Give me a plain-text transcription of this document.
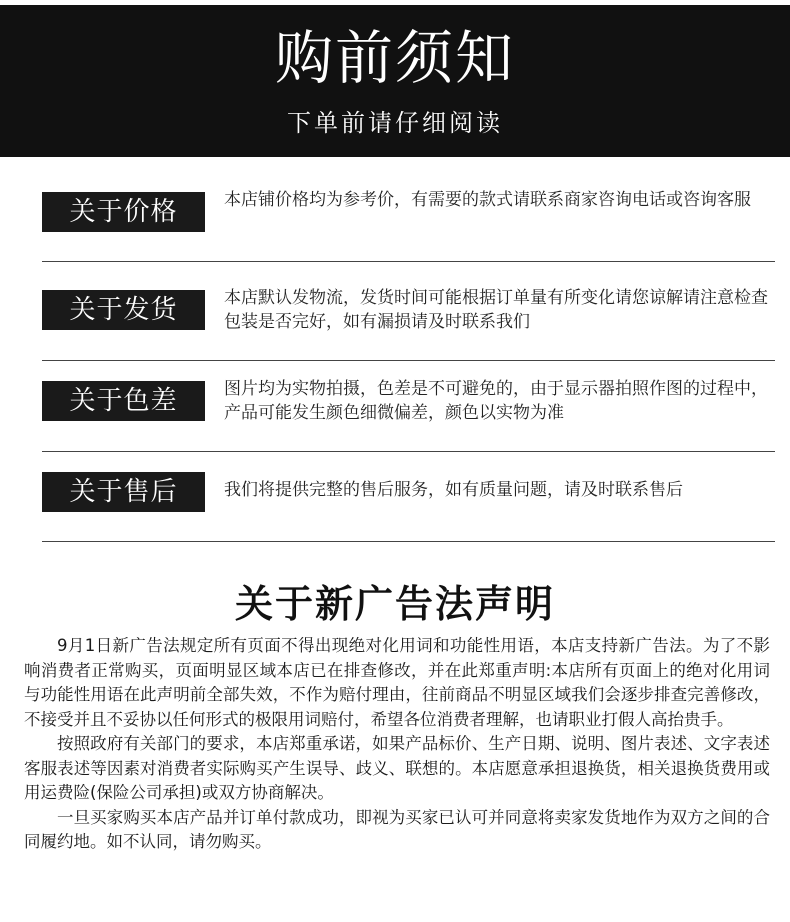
购前须知
下单前请仔细阅读
关于价格	本店铺价格均为参考价，有需要的款式请联系商家咨询电话或咨询客服
关于发货	本店默认发物流，发货时间可能根据订单量有所变化请您谅解请注意检查包装是否完好，如有漏损请及时联系我们
关于色差	图片均为实物拍摄，色差是不可避免的，由于显示器拍照作图的过程中，产品可能发生颜色细微偏差，颜色以实物为准
关于售后	我们将提供完整的售后服务，如有质量问题，请及时联系售后
关于新广告法声明

9月1日新广告法规定所有页面不得出现绝对化用词和功能性用语，本店支持新广告法。为了不影响消费者正常购买，页面明显区域本店已在排查修改，并在此郑重声明:本店所有页面上的绝对化用词与功能性用语在此声明前全部失效，不作为赔付理由，往前商品不明显区域我们会逐步排查完善修改，不接受并且不妥协以任何形式的极限用词赔付，希望各位消费者理解，也请职业打假人高抬贵手。

按照政府有关部门的要求，本店郑重承诺，如果产品标价、生产日期、说明、图片表述、文字表述客服表述等因素对消费者实际购买产生误导、歧义、联想的。本店愿意承担退换货，相关退换货费用或用运费险(保险公司承担)或双方协商解决。

一旦买家购买本店产品并订单付款成功，即视为买家已认可并同意将卖家发货地作为双方之间的合同履约地。如不认同，请勿购买。
